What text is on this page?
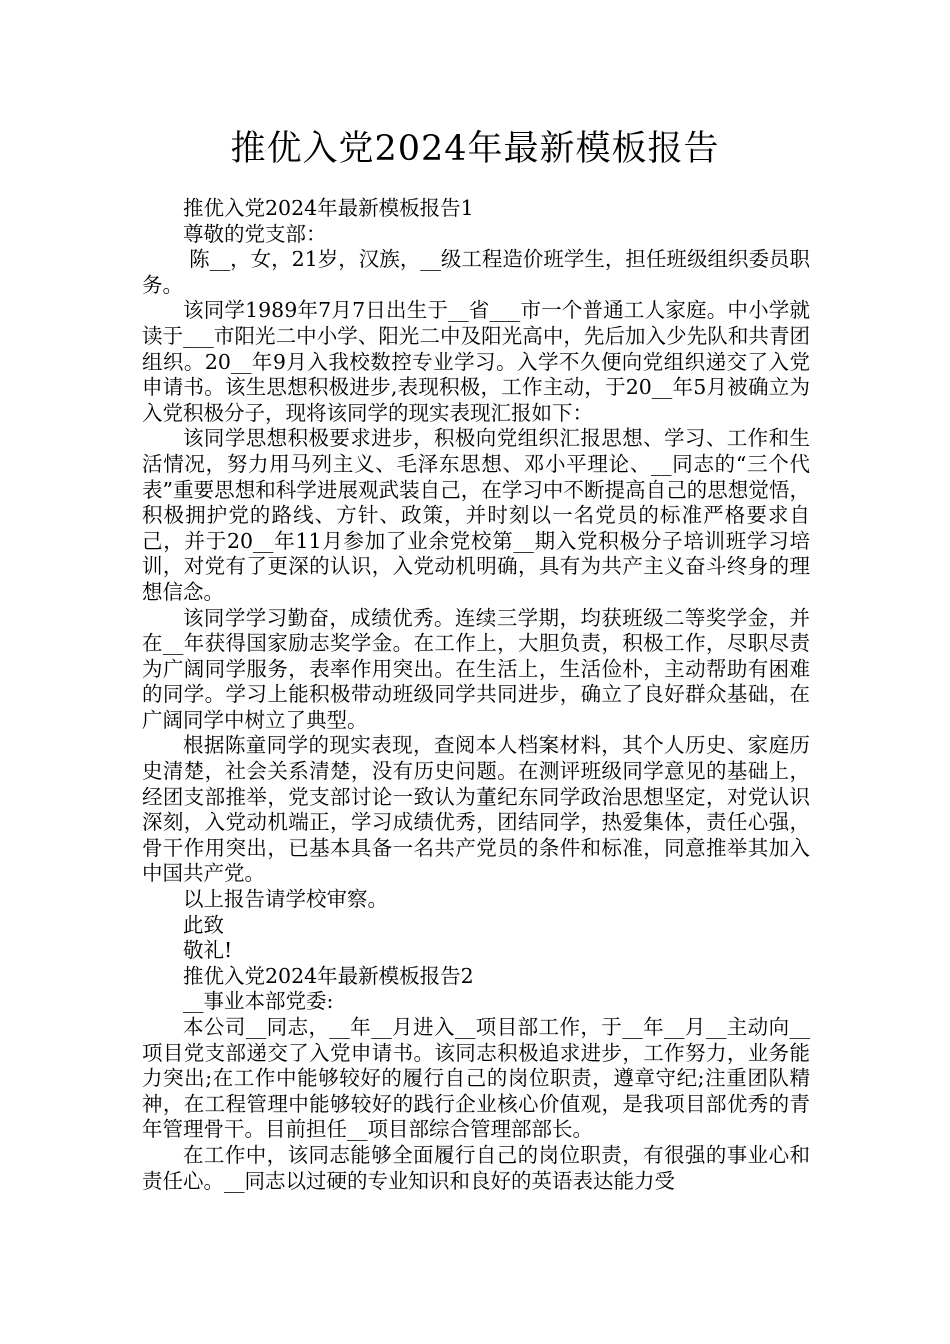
推优入党2024年最新模板报告

推优入党2024年最新模板报告1

尊敬的党支部：

陈__，女，21岁，汉族，__级工程造价班学生，担任班级组织委员职务。

该同学1989年7月7日出生于__省___市一个普通工人家庭。中小学就读于___市阳光二中小学、阳光二中及阳光高中，先后加入少先队和共青团组织。20__年9月入我校数控专业学习。入学不久便向党组织递交了入党申请书。该生思想积极进步,表现积极，工作主动，于20__年5月被确立为入党积极分子，现将该同学的现实表现汇报如下：

该同学思想积极要求进步，积极向党组织汇报思想、学习、工作和生活情况，努力用马列主义、毛泽东思想、邓小平理论、__同志的“三个代表”重要思想和科学进展观武装自己，在学习中不断提高自己的思想觉悟，积极拥护党的路线、方针、政策，并时刻以一名党员的标准严格要求自己，并于20__年11月参加了业余党校第__期入党积极分子培训班学习培训，对党有了更深的认识，入党动机明确，具有为共产主义奋斗终身的理想信念。

该同学学习勤奋，成绩优秀。连续三学期，均获班级二等奖学金，并在__年获得国家励志奖学金。在工作上，大胆负责，积极工作，尽职尽责为广阔同学服务，表率作用突出。在生活上，生活俭朴，主动帮助有困难的同学。学习上能积极带动班级同学共同进步，确立了良好群众基础，在广阔同学中树立了典型。

根据陈童同学的现实表现，查阅本人档案材料，其个人历史、家庭历史清楚，社会关系清楚，没有历史问题。在测评班级同学意见的基础上，经团支部推举，党支部讨论一致认为董纪东同学政治思想坚定，对党认识深刻，入党动机端正，学习成绩优秀，团结同学，热爱集体，责任心强，骨干作用突出，已基本具备一名共产党员的条件和标准，同意推举其加入中国共产党。

以上报告请学校审察。

此致

敬礼!

推优入党2024年最新模板报告2

__事业本部党委:

本公司__同志，__年__月进入__项目部工作，于__年__月__主动向__项目党支部递交了入党申请书。该同志积极追求进步，工作努力，业务能力突出;在工作中能够较好的履行自己的岗位职责，遵章守纪;注重团队精神，在工程管理中能够较好的践行企业核心价值观，是我项目部优秀的青年管理骨干。目前担任__项目部综合管理部部长。

在工作中，该同志能够全面履行自己的岗位职责，有很强的事业心和责任心。__同志以过硬的专业知识和良好的英语表达能力受
